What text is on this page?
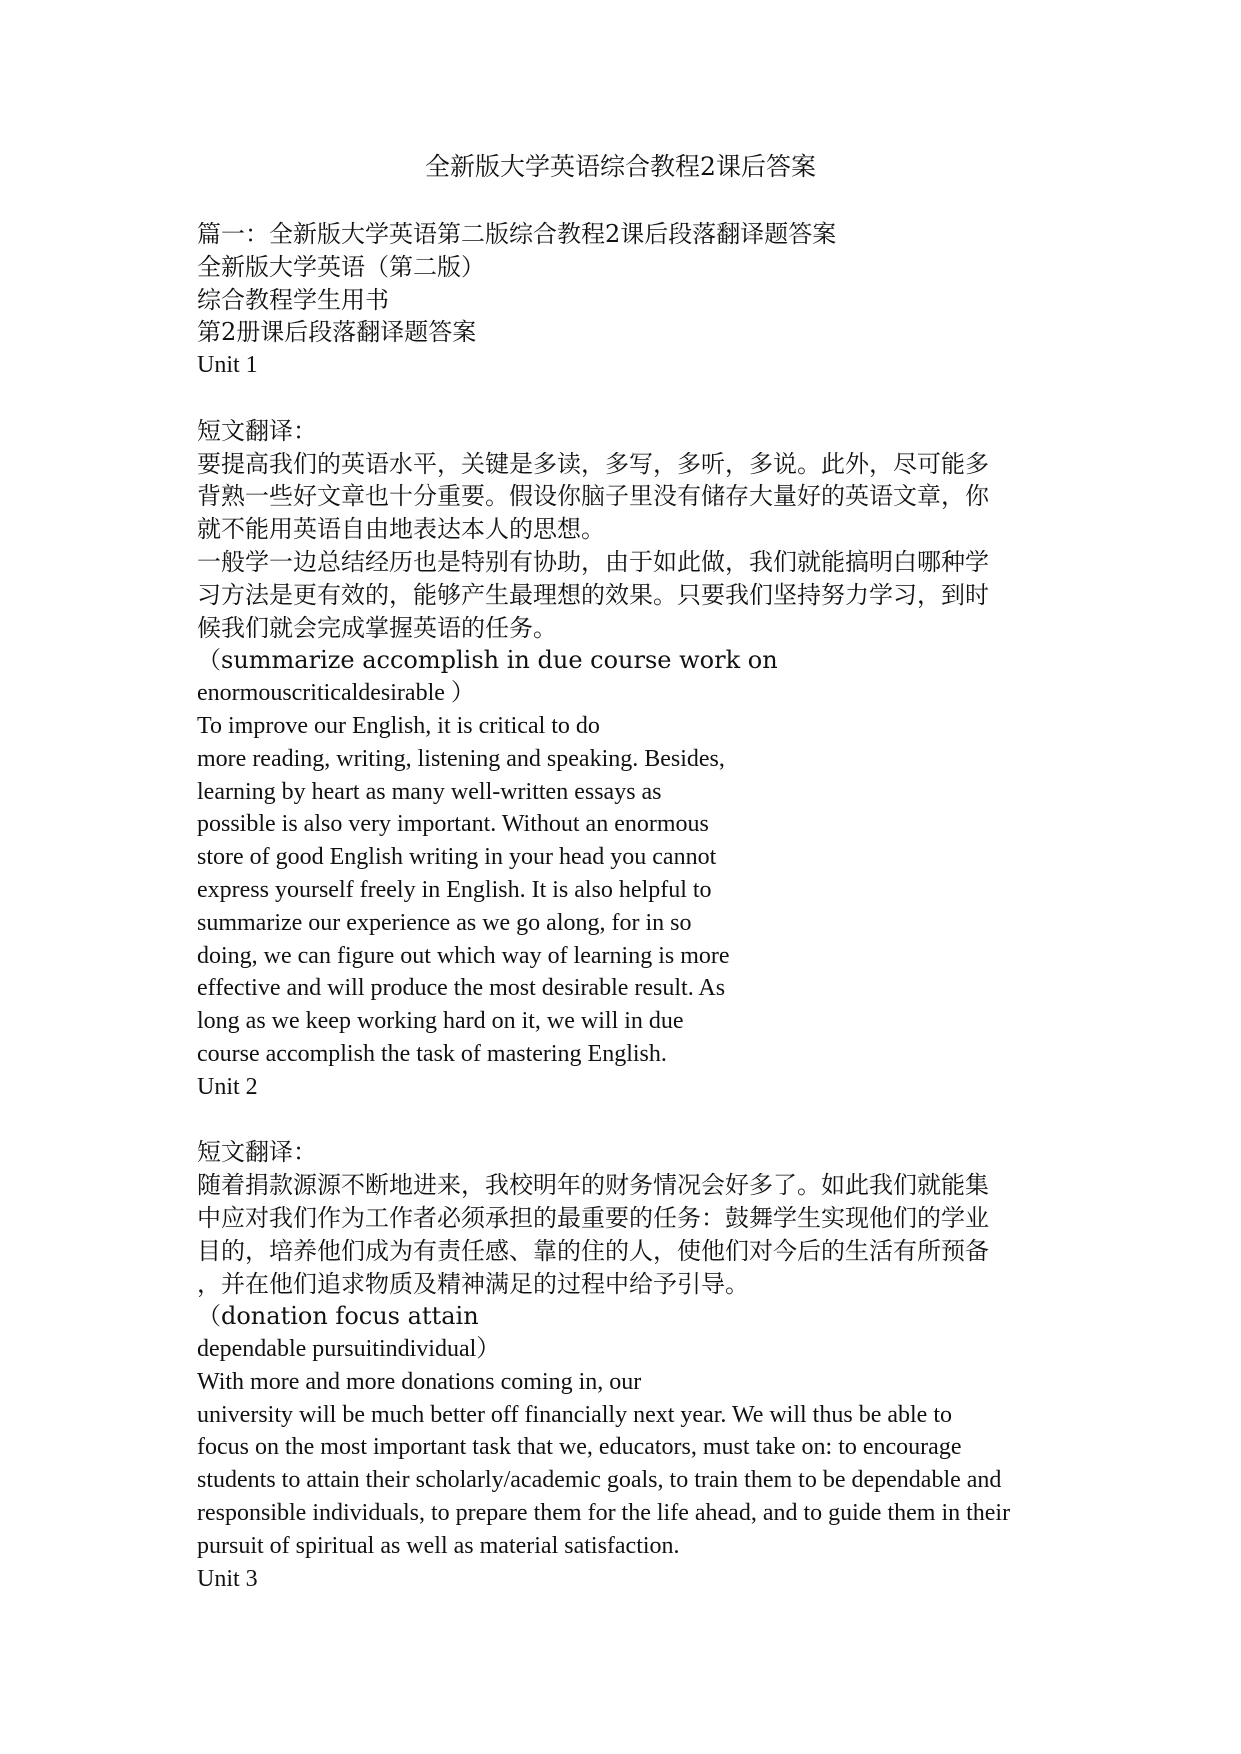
全新版大学英语综合教程2课后答案
篇一：全新版大学英语第二版综合教程2课后段落翻译题答案
全新版大学英语（第二版）
综合教程学生用书
第2册课后段落翻译题答案
Unit 1
短文翻译：
要提高我们的英语水平，关键是多读，多写，多听，多说。此外，尽可能多
背熟一些好文章也十分重要。假设你脑子里没有储存大量好的英语文章，你
就不能用英语自由地表达本人的思想。
一般学一边总结经历也是特别有协助，由于如此做，我们就能搞明白哪种学
习方法是更有效的，能够产生最理想的效果。只要我们坚持努力学习，到时
候我们就会完成掌握英语的任务。
（summarize accomplish in due course work on
enormouscriticaldesirable ）
To improve our English, it is critical to do
more reading, writing, listening and speaking. Besides,
learning by heart as many well-written essays as
possible is also very important. Without an enormous
store of good English writing in your head you cannot
express yourself freely in English. It is also helpful to
summarize our experience as we go along, for in so
doing, we can figure out which way of learning is more
effective and will produce the most desirable result. As
long as we keep working hard on it, we will in due
course accomplish the task of mastering English.
Unit 2
短文翻译：
随着捐款源源不断地进来，我校明年的财务情况会好多了。如此我们就能集
中应对我们作为工作者必须承担的最重要的任务：鼓舞学生实现他们的学业
目的，培养他们成为有责任感、靠的住的人，使他们对今后的生活有所预备
，并在他们追求物质及精神满足的过程中给予引导。
（donation focus attain
dependable pursuitindividual）
With more and more donations coming in, our
university will be much better off financially next year. We will thus be able to
focus on the most important task that we, educators, must take on: to encourage
students to attain their scholarly/academic goals, to train them to be dependable and
responsible individuals, to prepare them for the life ahead, and to guide them in their
pursuit of spiritual as well as material satisfaction.
Unit 3
